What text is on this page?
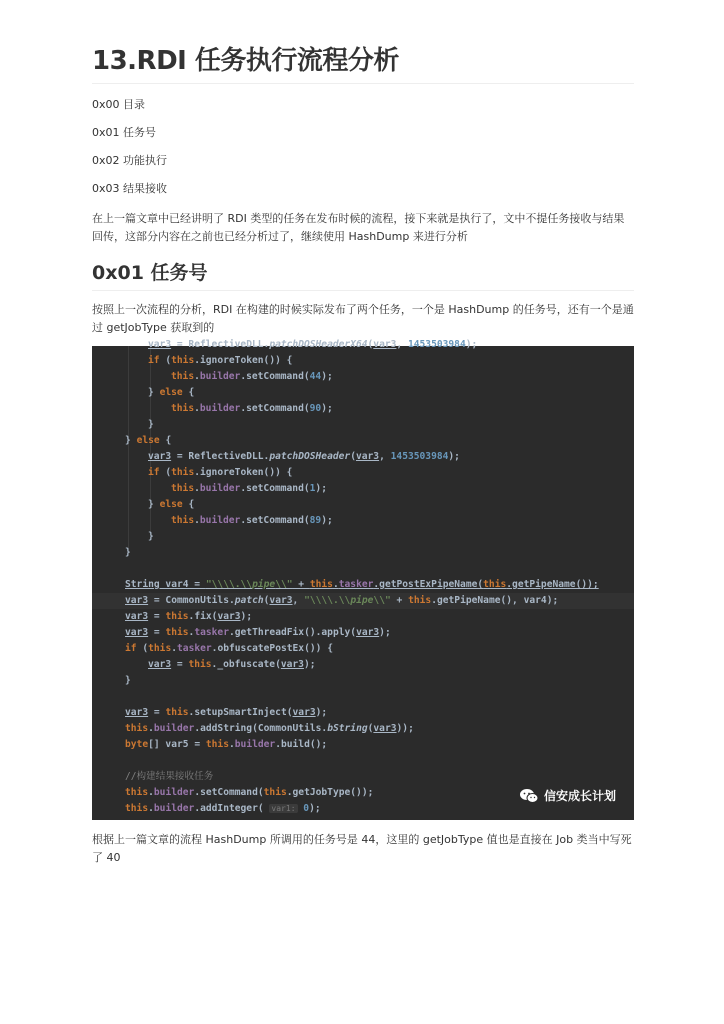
13.RDI 任务执行流程分析

0x00 目录

0x01 任务号

0x02 功能执行

0x03 结果接收

在上一篇文章中已经讲明了 RDI 类型的任务在发布时候的流程，接下来就是执行了，文中不提任务接收与结果回传，这部分内容在之前也已经分析过了，继续使用 HashDump 来进行分析

0x01 任务号

按照上一次流程的分析，RDI 在构建的时候实际发布了两个任务，一个是 HashDump 的任务号，还有一个是通过 getJobType 获取到的

var3 = ReflectiveDLL.patchDOSHeaderX64(var3, 1453503984);
if (this.ignoreToken()) {
this.builder.setCommand(44);
} else {
this.builder.setCommand(90);
}
} else {
var3 = ReflectiveDLL.patchDOSHeader(var3, 1453503984);
if (this.ignoreToken()) {
this.builder.setCommand(1);
} else {
this.builder.setCommand(89);
}
}

String var4 = "\\\\.\\pipe\\" + this.tasker.getPostExPipeName(this.getPipeName());
var3 = CommonUtils.patch(var3, "\\\\.\\pipe\\" + this.getPipeName(), var4);
var3 = this.fix(var3);
var3 = this.tasker.getThreadFix().apply(var3);
if (this.tasker.obfuscatePostEx()) {
var3 = this._obfuscate(var3);
}

var3 = this.setupSmartInject(var3);
this.builder.addString(CommonUtils.bString(var3));
byte[] var5 = this.builder.build();

//构建结果接收任务
this.builder.setCommand(this.getJobType());
this.builder.addInteger( var1: 0);
信安成长计划

根据上一篇文章的流程 HashDump 所调用的任务号是 44，这里的 getJobType 值也是直接在 Job 类当中写死了 40
